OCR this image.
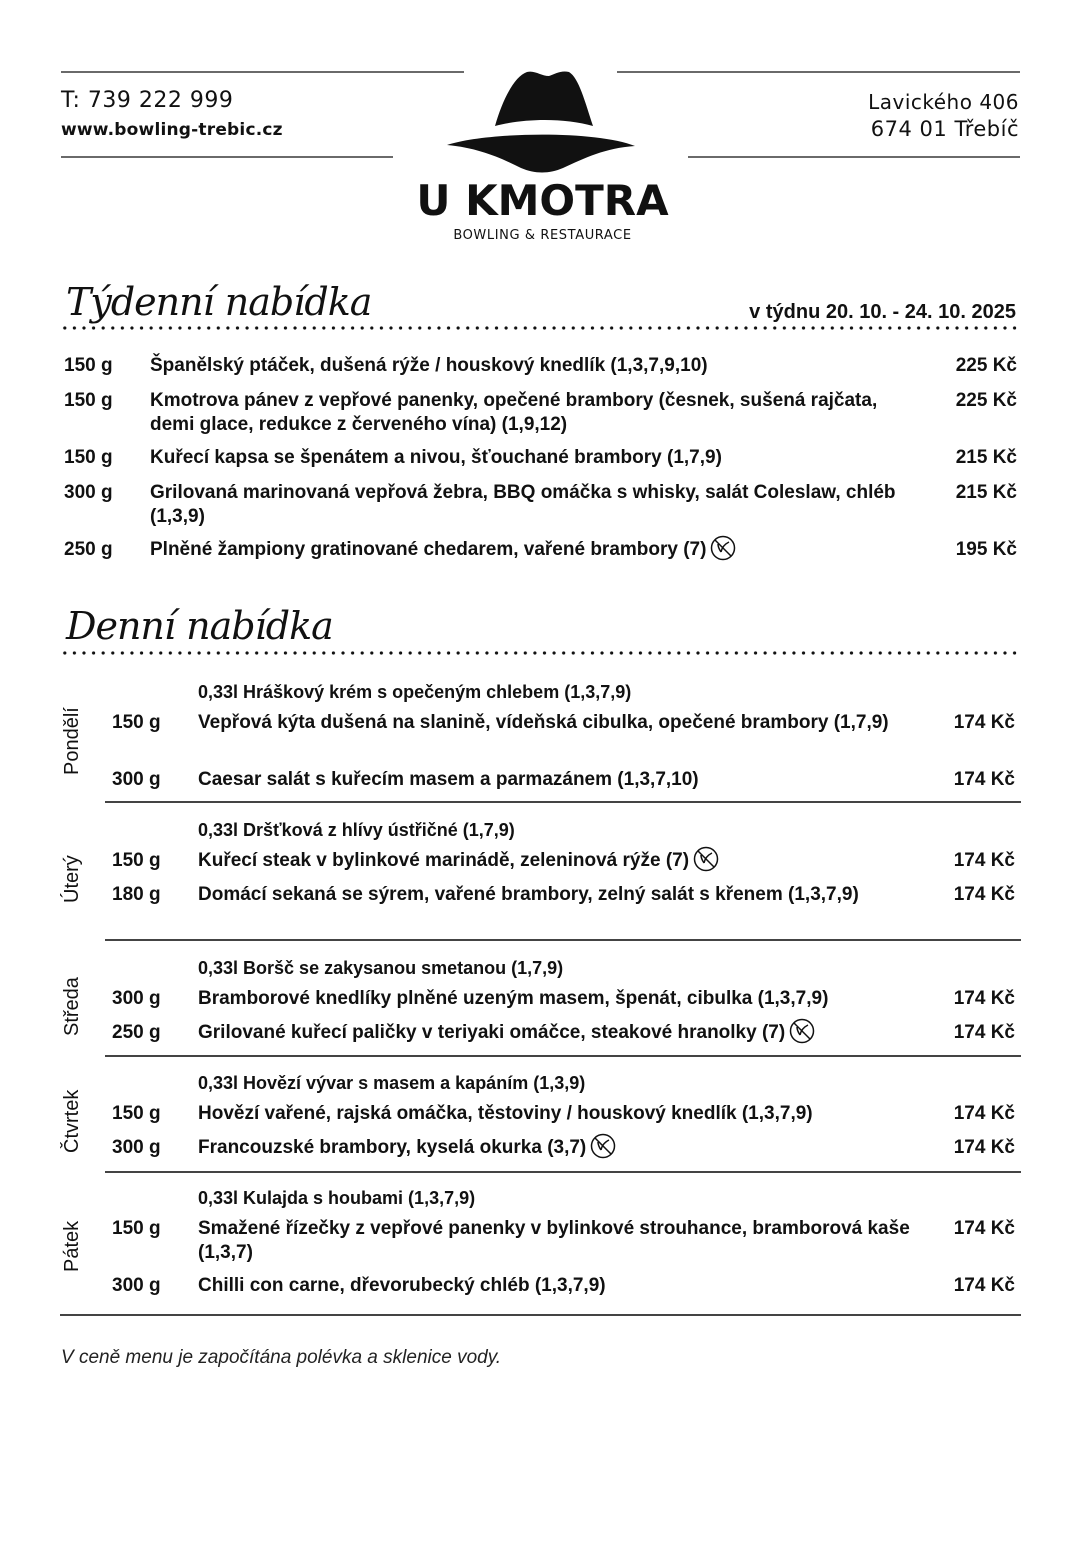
T: 739 222 999
www.bowling-trebic.cz
Lavického 406
674 01 Třebíč
U KMOTRA
BOWLING & RESTAURACE
Týdenní nabídka	v týdnu 20. 10. - 24. 10. 2025
150 g Španělský ptáček, dušená rýže / houskový knedlík (1,3,7,9,10)	225 Kč
150 g Kmotrova pánev z vepřové panenky, opečené brambory (česnek, sušená rajčata, demi glace, redukce z červeného vína) (1,9,12)
225 Kč
150 g Kuřecí kapsa se špenátem a nivou, šťouchané brambory (1,7,9)	215 Kč
300 g Grilovaná marinovaná vepřová žebra, BBQ omáčka s whisky, salát Coleslaw, chléb (1,3,9)
215 Kč
250 g Plněné žampiony gratinované chedarem, vařené brambory (7)	195 Kč
Denní nabídka
Pondělí
0,33l Hráškový krém s opečeným chlebem (1,3,7,9)
150 g Vepřová kýta dušená na slanině, vídeňská cibulka, opečené brambory (1,7,9)	174 Kč
300 g Caesar salát s kuřecím masem a parmazánem (1,3,7,10)	174 Kč
Úterý
0,33l Dršťková z hlívy ústřičné (1,7,9)
150 g Kuřecí steak v bylinkové marinádě, zeleninová rýže (7)	174 Kč
180 g Domácí sekaná se sýrem, vařené brambory, zelný salát s křenem (1,3,7,9)	174 Kč
Středa
0,33l Boršč se zakysanou smetanou (1,7,9)
300 g Bramborové knedlíky plněné uzeným masem, špenát, cibulka (1,3,7,9)	174 Kč
250 g Grilované kuřecí paličky v teriyaki omáčce, steakové hranolky (7)	174 Kč
Čtvrtek
0,33l Hovězí vývar s masem a kapáním (1,3,9)
150 g Hovězí vařené, rajská omáčka, těstoviny / houskový knedlík (1,3,7,9)	174 Kč
300 g Francouzské brambory, kyselá okurka (3,7)	174 Kč
Pátek
0,33l Kulajda s houbami (1,3,7,9)
150 g Smažené řízečky z vepřové panenky v bylinkové strouhance, bramborová kaše (1,3,7)
174 Kč
300 g Chilli con carne, dřevorubecký chléb (1,3,7,9)	174 Kč
V ceně menu je započítána polévka a sklenice vody.
